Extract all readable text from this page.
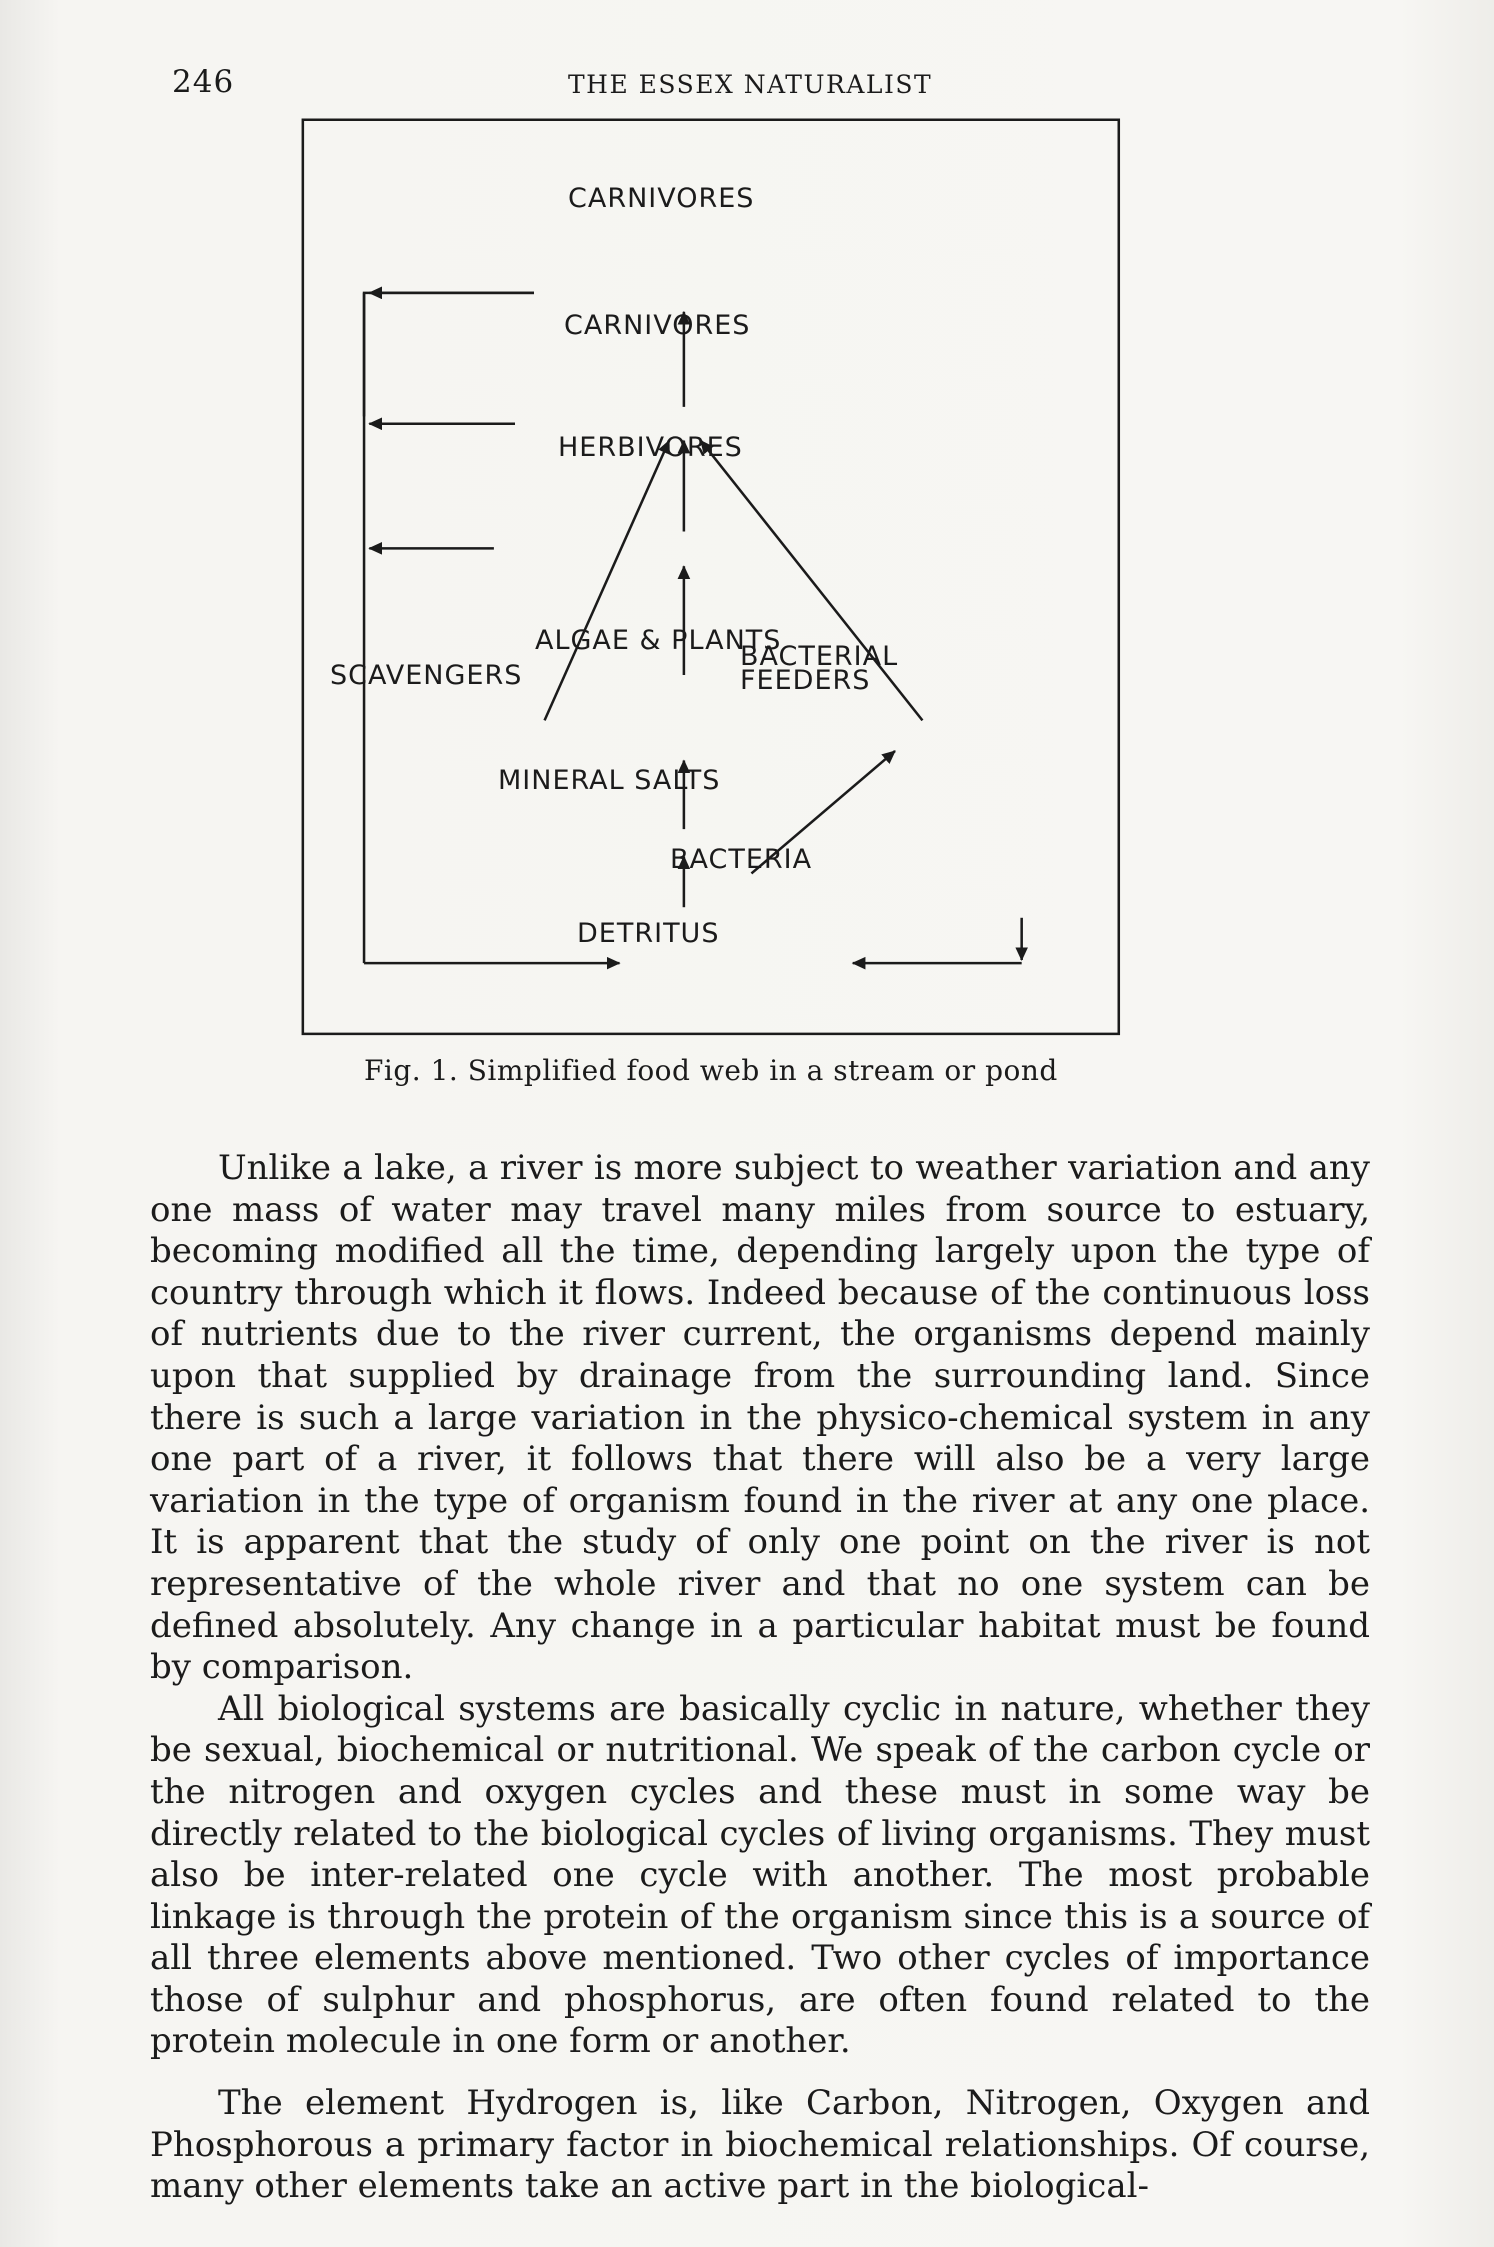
246	THE ESSEX NATURALIST
CARNIVORES
CARNIVORES
HERBIVORES
ALGAE & PLANTS
SCAVENGERS
BACTERIAL FEEDERS
MINERAL SALTS
BACTERIA
DETRITUS
Fig. 1. Simplified food web in a stream or pond

Unlike a lake, a river is more subject to weather variation and any one mass of water may travel many miles from source to estuary, becoming modified all the time, depending largely upon the type of country through which it flows. Indeed because of the continuous loss of nutrients due to the river current, the organisms depend mainly upon that supplied by drainage from the surrounding land. Since there is such a large variation in the physico-chemical system in any one part of a river, it follows that there will also be a very large variation in the type of organism found in the river at any one place. It is apparent that the study of only one point on the river is not representative of the whole river and that no one system can be defined absolutely. Any change in a particular habitat must be found by comparison.

All biological systems are basically cyclic in nature, whether they be sexual, biochemical or nutritional. We speak of the carbon cycle or the nitrogen and oxygen cycles and these must in some way be directly related to the biological cycles of living organisms. They must also be inter-related one cycle with another. The most probable linkage is through the protein of the organism since this is a source of all three elements above mentioned. Two other cycles of importance those of sulphur and phosphorus, are often found related to the protein molecule in one form or another.

The element Hydrogen is, like Carbon, Nitrogen, Oxygen and Phosphorous a primary factor in biochemical relationships. Of course, many other elements take an active part in the biological-
